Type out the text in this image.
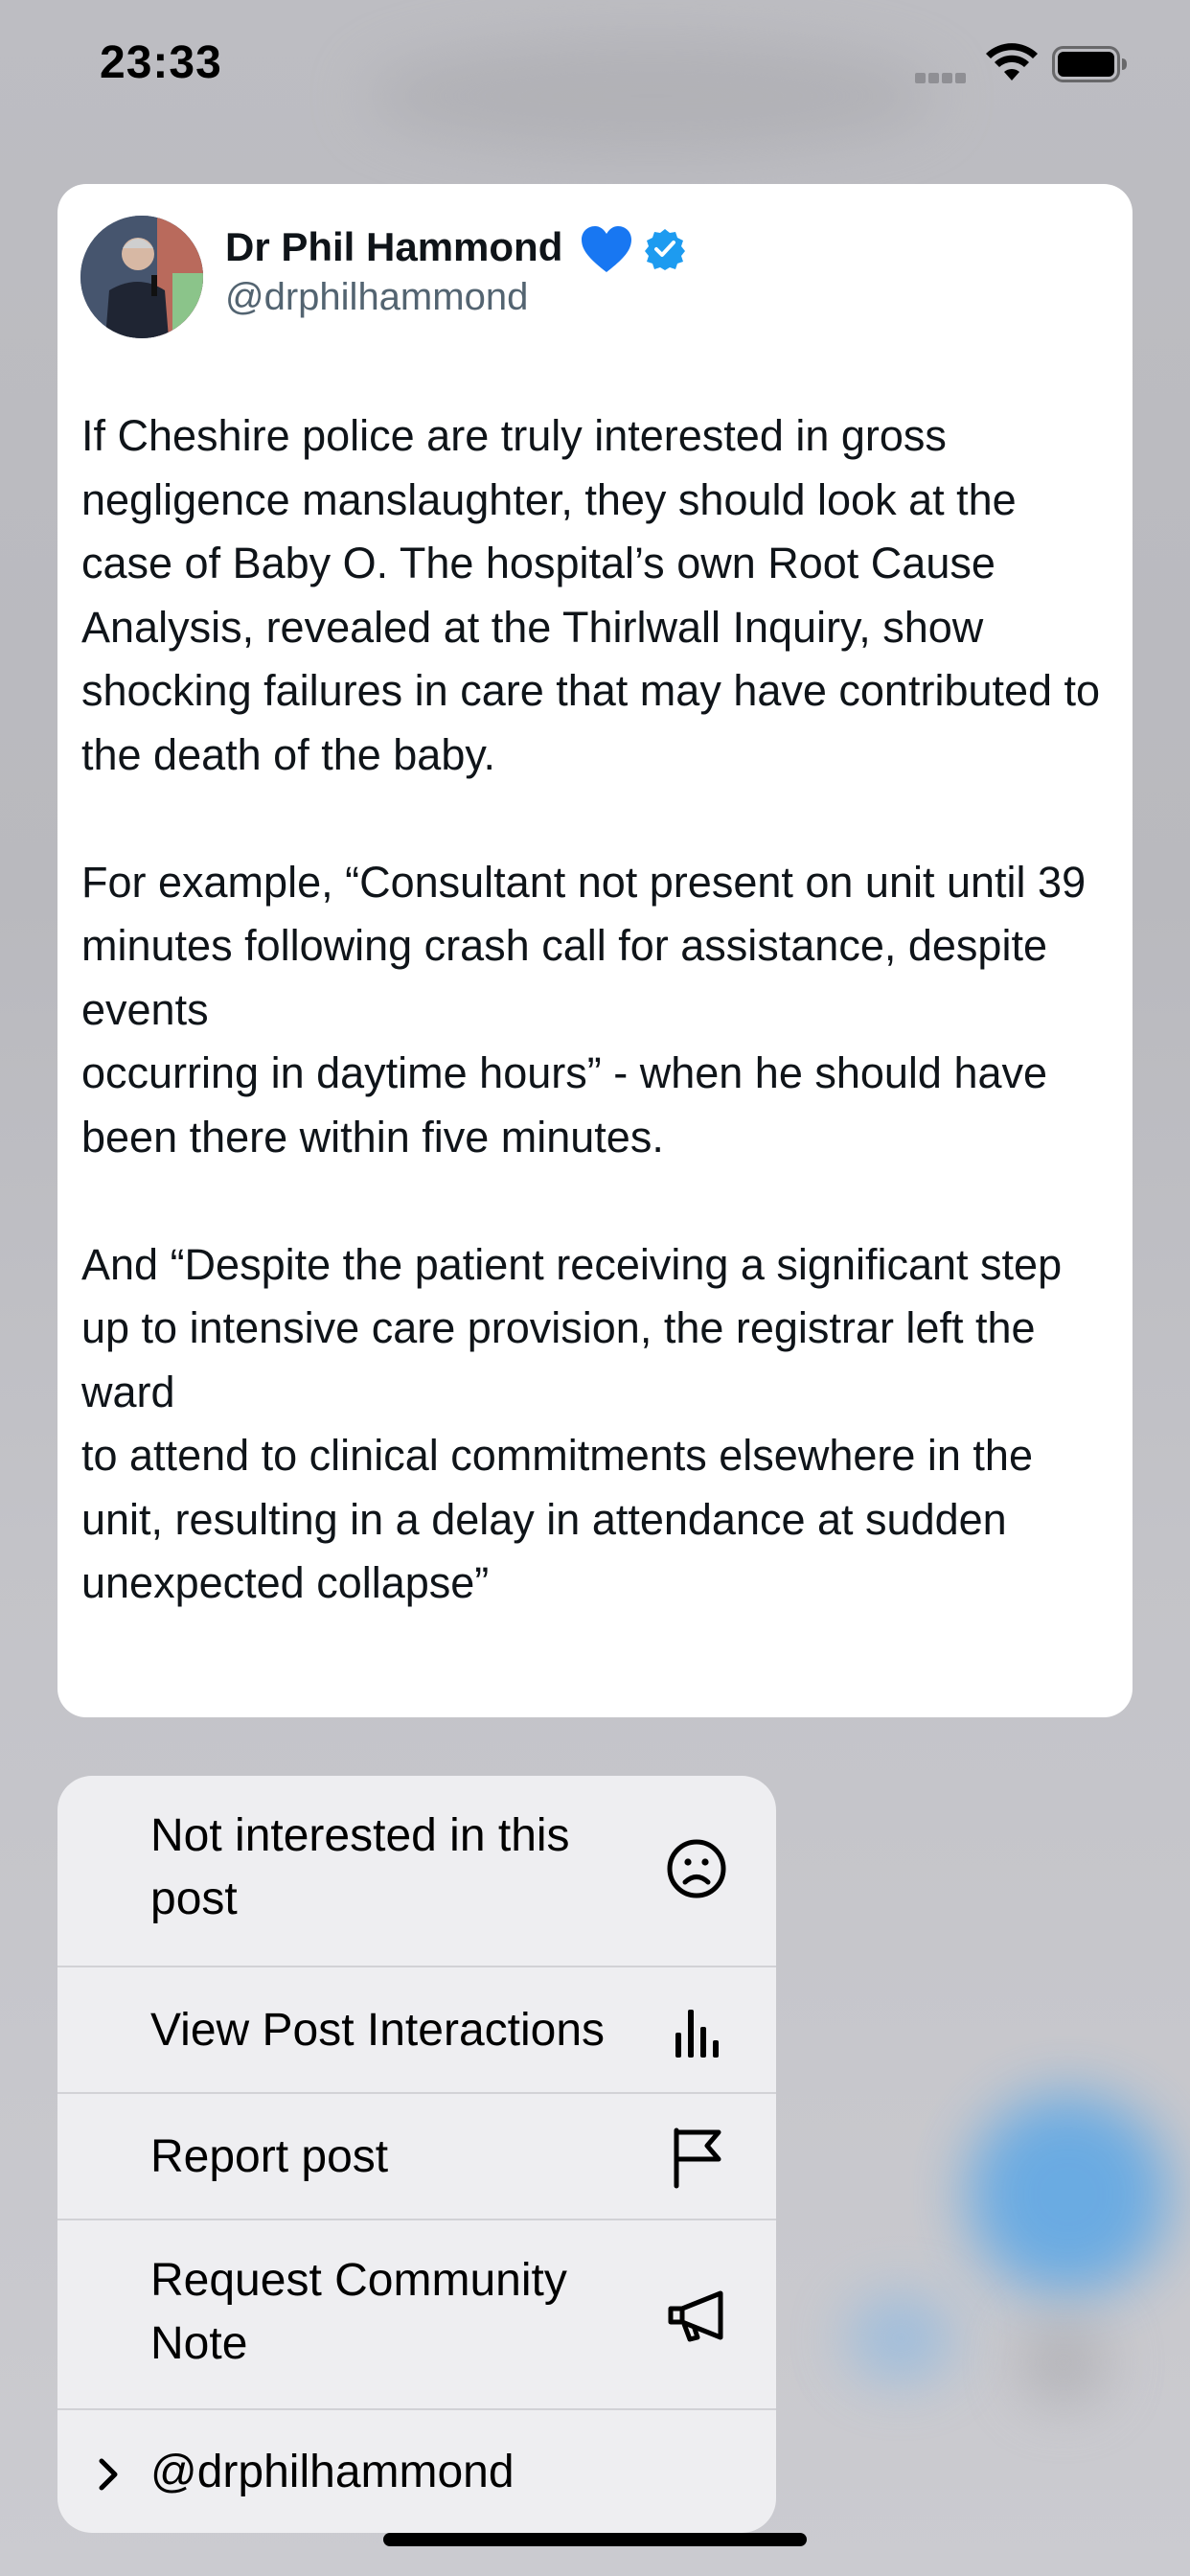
23:33
Dr Phil Hammond
@drphilhammond

If Cheshire police are truly interested in gross negligence manslaughter, they should look at the case of Baby O. The hospital’s own Root Cause Analysis, revealed at the Thirlwall Inquiry, show shocking failures in care that may have contributed to the death of the baby.

For example, “Consultant not present on unit until 39 minutes following crash call for assistance, despite events
occurring in daytime hours” - when he should have been there within five minutes.

And “Despite the patient receiving a significant step up to intensive care provision, the registrar left the ward
to attend to clinical commitments elsewhere in the unit, resulting in a delay in attendance at sudden
unexpected collapse”

Not interested in this post
View Post Interactions
Report post
Request Community Note
@drphilhammond
